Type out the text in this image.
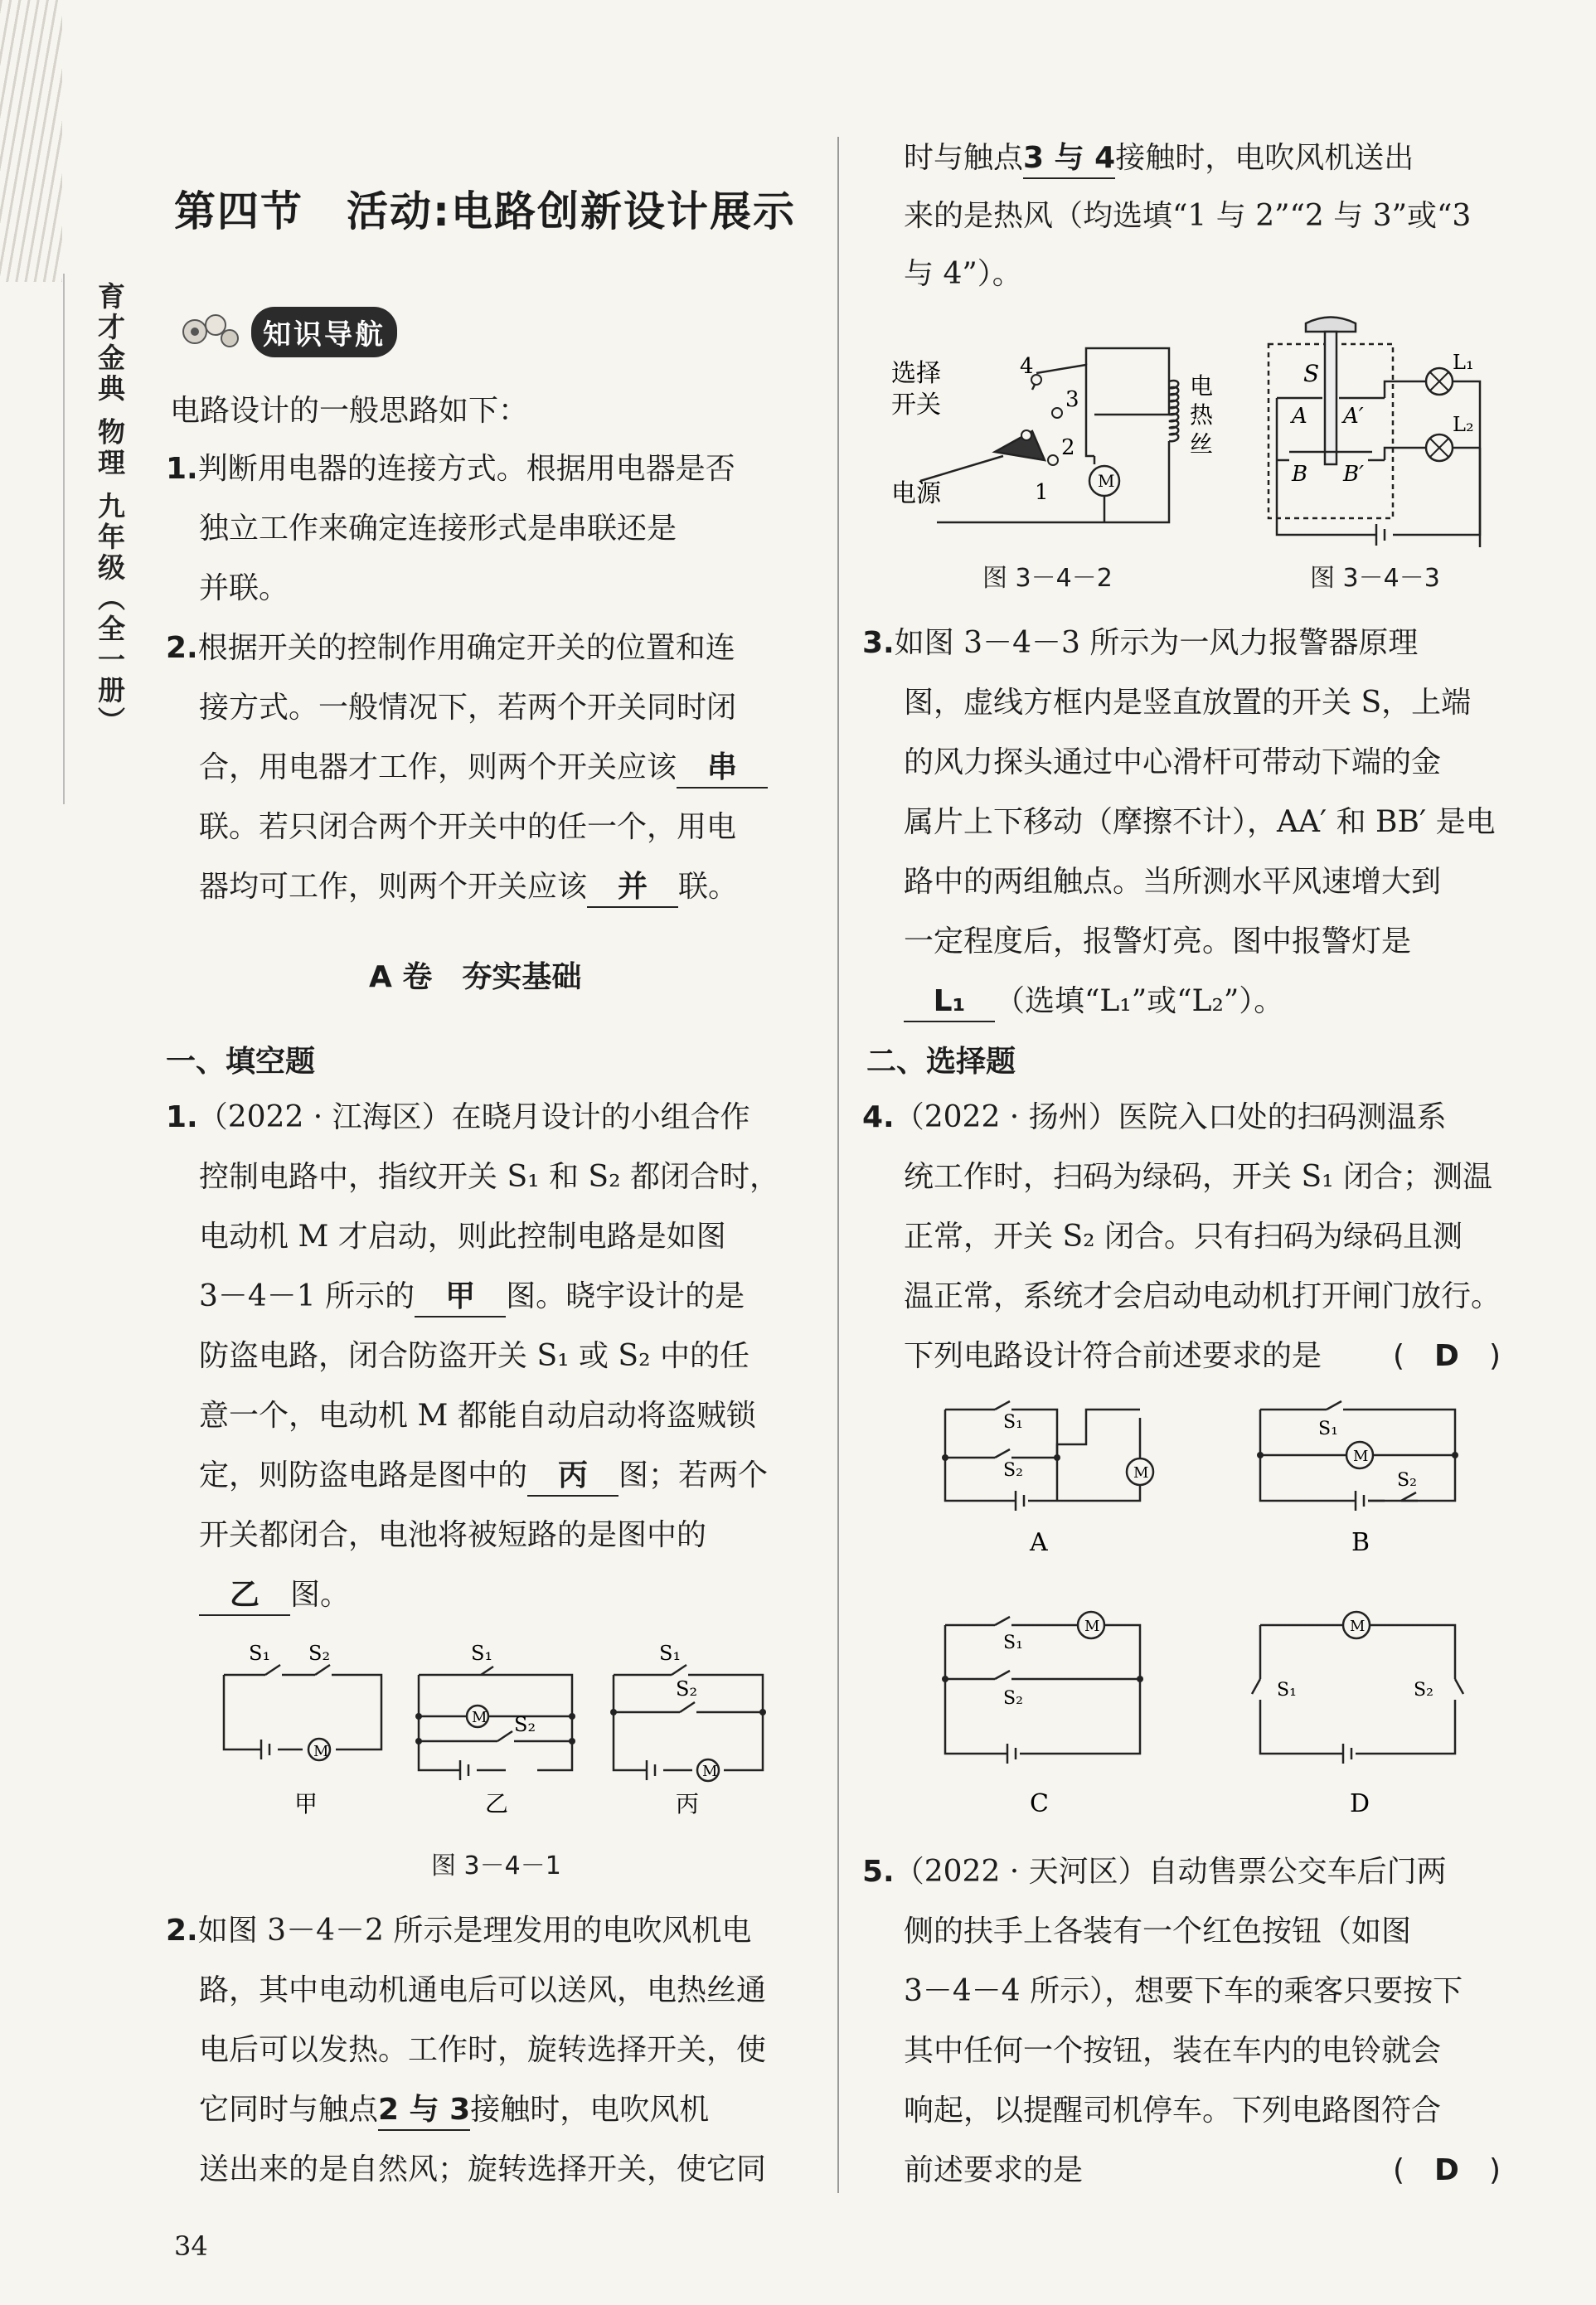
育才金典 物理 九年级（全一册）
第四节　活动:电路创新设计展示
知识导航
电路设计的一般思路如下：
1.判断用电器的连接方式。根据用电器是否
独立工作来确定连接形式是串联还是
并联。
2.根据开关的控制作用确定开关的位置和连
接方式。一般情况下，若两个开关同时闭
合，用电器才工作，则两个开关应该 串
联。若只闭合两个开关中的任一个，用电
器均可工作，则两个开关应该 并 联。
A 卷　夯实基础
一、填空题
1.（2022 · 江海区）在晓月设计的小组合作
控制电路中，指纹开关 S₁ 和 S₂ 都闭合时，
电动机 M 才启动，则此控制电路是如图
3－4－1 所示的 甲 图。晓宇设计的是
防盗电路，闭合防盗开关 S₁ 或 S₂ 中的任
意一个，电动机 M 都能自动启动将盗贼锁
定，则防盗电路是图中的 丙 图；若两个
开关都闭合，电池将被短路的是图中的
乙 图。
S₁ S₂
M
S₁
M S₂
S₁
S₂
M
甲	乙	丙
图 3－4－1
2.如图 3－4－2 所示是理发用的电吹风机电
路，其中电动机通电后可以送风，电热丝通
电后可以发热。工作时，旋转选择开关，使
它同时与触点2 与 3接触时，电吹风机
送出来的是自然风；旋转选择开关，使它同
时与触点3 与 4接触时，电吹风机送出
来的是热风（均选填“1 与 2”“2 与 3”或“3
与 4”）。
选择
开关
电源
4
3
2
1	M
电
热
丝
图 3－4－2
S
A A′
B B′
L₁
L₂
图 3－4－3
3.如图 3－4－3 所示为一风力报警器原理
图，虚线方框内是竖直放置的开关 S，上端
的风力探头通过中心滑杆可带动下端的金
属片上下移动（摩擦不计），AA′ 和 BB′ 是电
路中的两组触点。当所测水平风速增大到
一定程度后，报警灯亮。图中报警灯是
L₁ （选填“L₁”或“L₂”）。
二、选择题
4.（2022 · 扬州）医院入口处的扫码测温系
统工作时，扫码为绿码，开关 S₁ 闭合；测温
正常，开关 S₂ 闭合。只有扫码为绿码且测
温正常，系统才会启动电动机打开闸门放行。
下列电路设计符合前述要求的是 (　D　)
S₁
S₂	M
A
S₁
M
S₂
B
S₁
M
S₂
C
S₁
M
S₂
D
5.（2022 · 天河区）自动售票公交车后门两
侧的扶手上各装有一个红色按钮（如图
3－4－4 所示），想要下车的乘客只要按下
其中任何一个按钮，装在车内的电铃就会
响起，以提醒司机停车。下列电路图符合
前述要求的是	(　D　)
34
